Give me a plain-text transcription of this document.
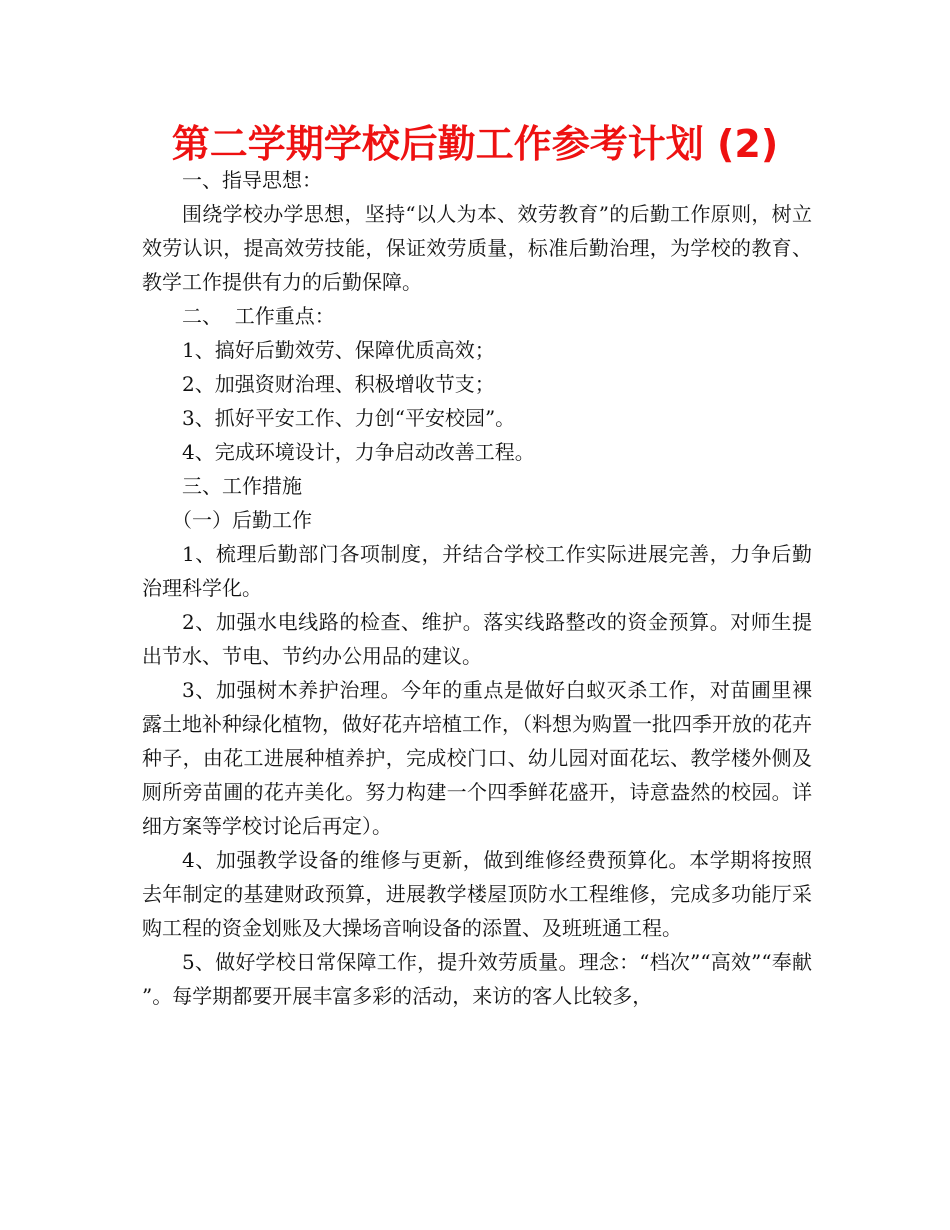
第二学期学校后勤工作参考计划 (2)

一、指导思想：

围绕学校办学思想，坚持“以人为本、效劳教育”的后勤工作原则，树立效劳认识，提高效劳技能，保证效劳质量，标准后勤治理，为学校的教育、教学工作提供有力的后勤保障。

二、  工作重点：

1、搞好后勤效劳、保障优质高效；

2、加强资财治理、积极增收节支；

3、抓好平安工作、力创“平安校园”。

4、完成环境设计，力争启动改善工程。

三、工作措施

（一）后勤工作

1、梳理后勤部门各项制度，并结合学校工作实际进展完善，力争后勤治理科学化。

2、加强水电线路的检查、维护。落实线路整改的资金预算。对师生提出节水、节电、节约办公用品的建议。

3、加强树木养护治理。今年的重点是做好白蚁灭杀工作，对苗圃里裸露土地补种绿化植物，做好花卉培植工作，（料想为购置一批四季开放的花卉种子，由花工进展种植养护，完成校门口、幼儿园对面花坛、教学楼外侧及厕所旁苗圃的花卉美化。努力构建一个四季鲜花盛开，诗意盎然的校园。详细方案等学校讨论后再定）。

4、加强教学设备的维修与更新，做到维修经费预算化。本学期将按照去年制定的基建财政预算，进展教学楼屋顶防水工程维修，完成多功能厅采购工程的资金划账及大操场音响设备的添置、及班班通工程。

5、做好学校日常保障工作，提升效劳质量。理念：“档次”“高效”“奉献 ”。每学期都要开展丰富多彩的活动，来访的客人比较多，
